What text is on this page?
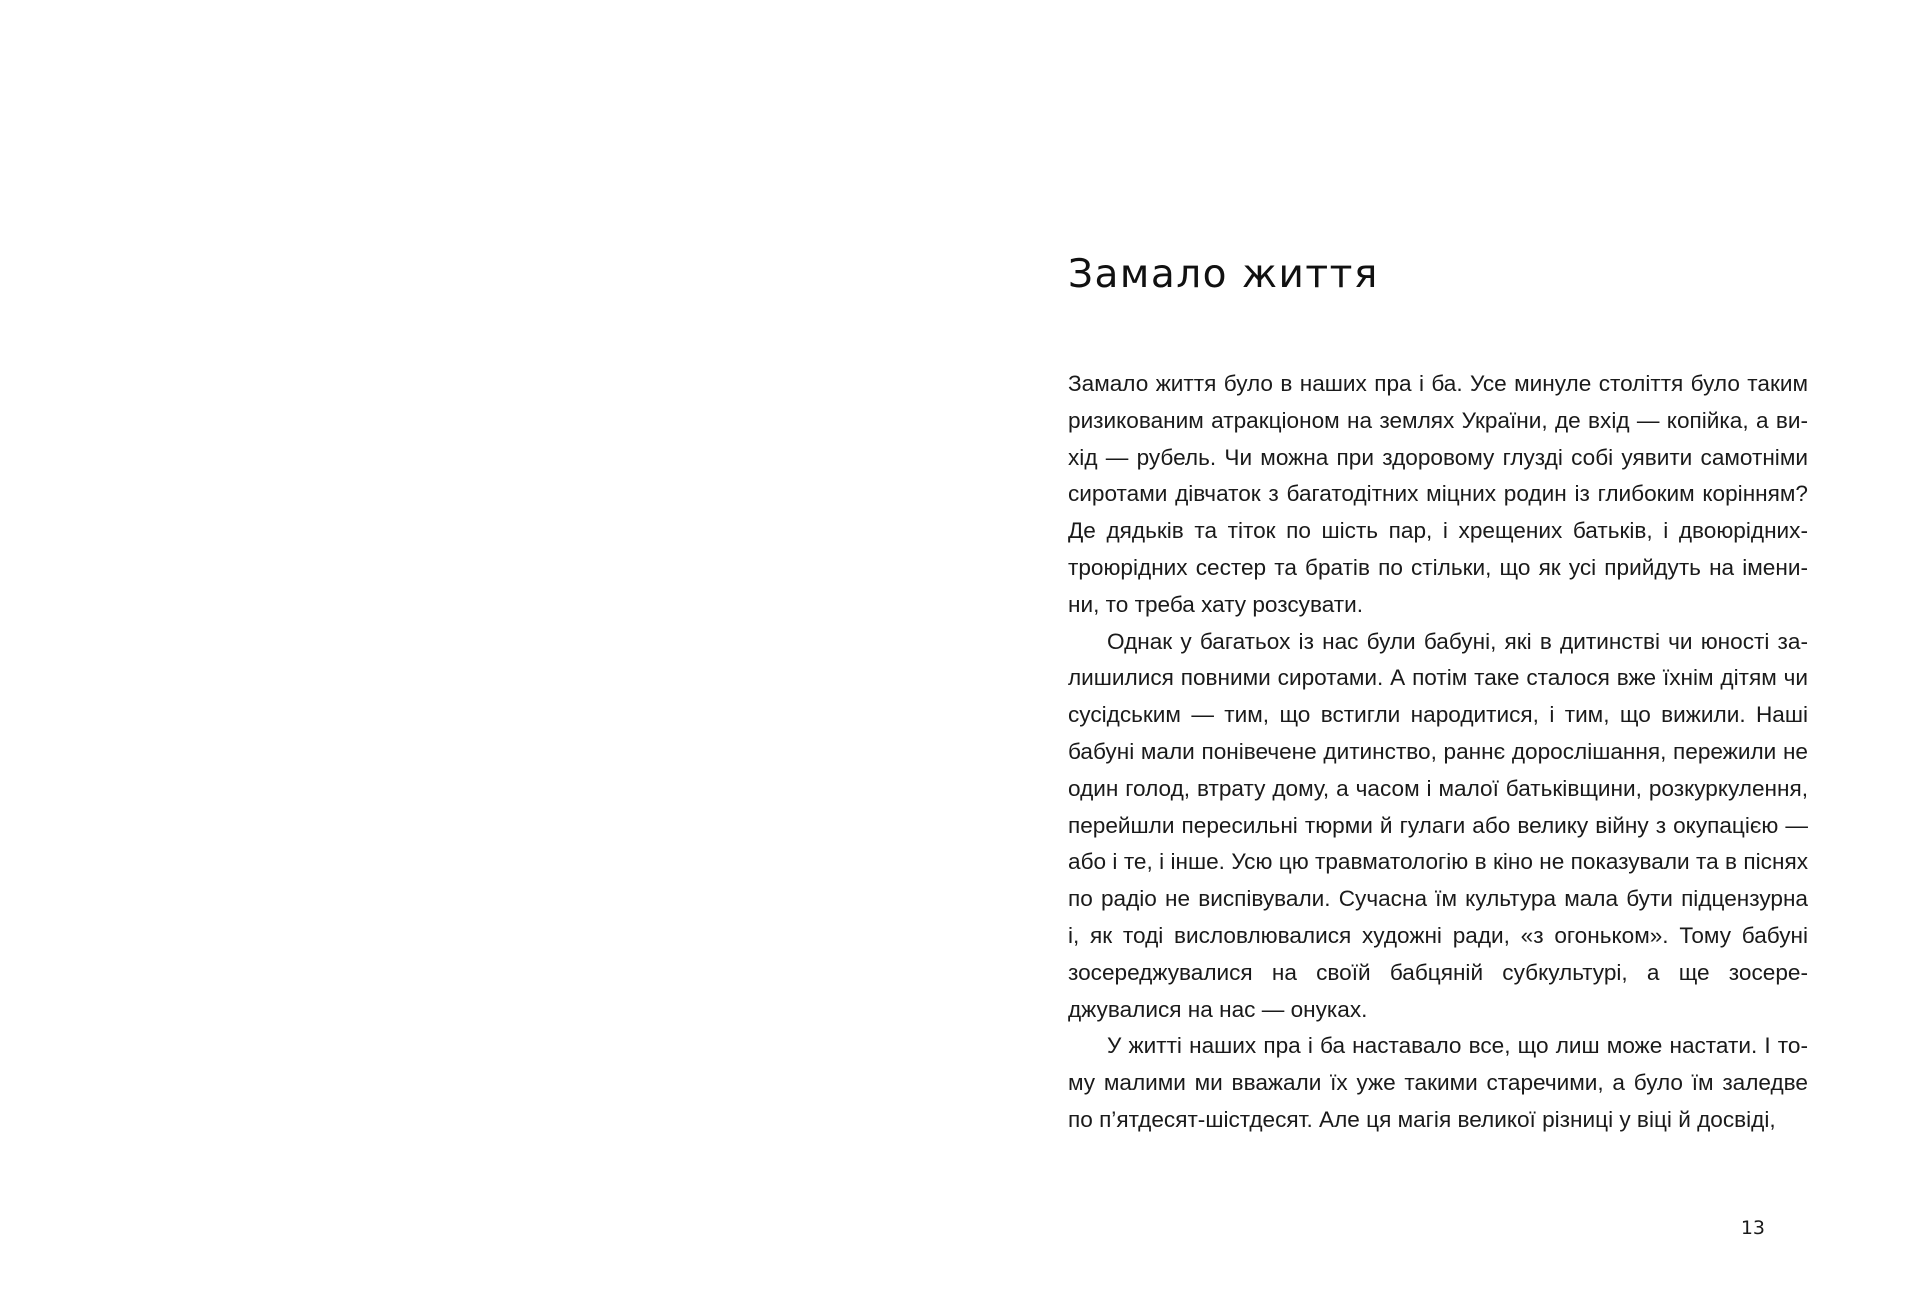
Замало життя

Замало життя було в наших пра і ба. Усе минуле століття було таким ризикованим атракціоном на землях України, де вхід — копійка, а вихід — рубель. Чи можна при здоровому глузді собі уявити самотніми сиротами дівчаток з багатодітних міцних родин із глибоким корінням? Де дядьків та тіток по шість пар, і хрещених батьків, і двоюрідних-троюрідних сестер та братів по стільки, що як усі прийдуть на іменини, то треба хату розсувати.

Однак у багатьох із нас були бабуні, які в дитинстві чи юності залишилися повними сиротами. А потім таке сталося вже їхнім дітям чи сусідським — тим, що встигли народитися, і тим, що вижили. Наші бабуні мали понівечене дитинство, раннє дорослішання, пережили не один голод, втрату дому, а часом і малої батьківщини, розкуркулення, перейшли пересильні тюрми й гулаги або велику війну з окупацією — або і те, і інше. Усю цю травматологію в кіно не показували та в піснях по радіо не виспівували. Сучасна їм культура мала бути підцензурна і, як тоді висловлювалися художні ради, «з огоньком». Тому бабуні зосереджувалися на своїй бабцяній субкультурі, а ще зосереджувалися на нас — онуках.

У житті наших пра і ба наставало все, що лиш може настати. І тому малими ми вважали їх уже такими старечими, а було їм заледве по п’ятдесят-шістдесят. Але ця магія великої різниці у віці й досвіді,

13
